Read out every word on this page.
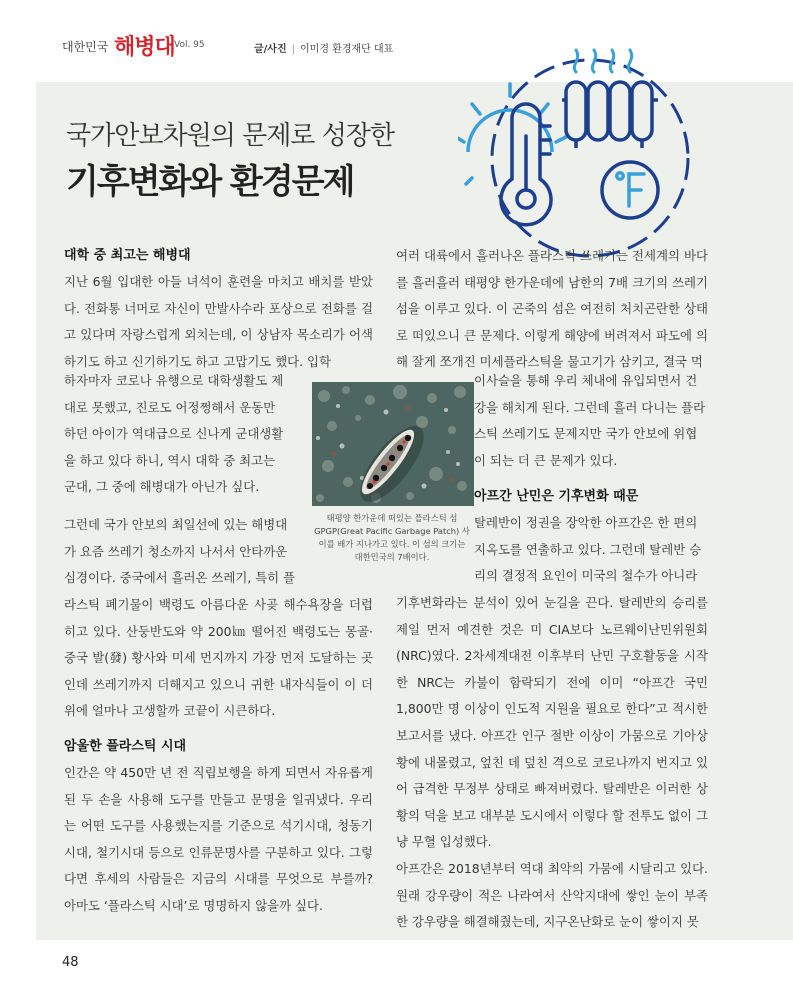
대한민국 해병대 Vol. 95	글/사진 | 이미경 환경재단 대표
국가안보차원의 문제로 성장한
기후변화와 환경문제
대학 중 최고는 해병대
지난 6월 입대한 아들 녀석이 훈련을 마치고 배치를 받았다. 전화통 너머로 자신이 만발사수라 포상으로 전화를 걸고 있다며 자랑스럽게 외치는데, 이 상남자 목소리가 어색하기도 하고 신기하기도 하고 고맙기도 했다. 입학
하자마자 코로나 유행으로 대학생활도 제
대로 못했고, 진로도 어정쩡해서 운동만
하던 아이가 역대급으로 신나게 군대생활
을 하고 있다 하니, 역시 대학 중 최고는
군대, 그 중에 해병대가 아닌가 싶다.
그런데 국가 안보의 최일선에 있는 해병대
가 요즘 쓰레기 청소까지 나서서 안타까운
심경이다. 중국에서 흘러온 쓰레기, 특히 플
라스틱 폐기물이 백령도 아름다운 사곶 해수욕장을 더럽히고 있다. 산둥반도와 약 200㎞ 떨어진 백령도는 몽골·중국 발(發) 황사와 미세 먼지까지 가장 먼저 도달하는 곳인데 쓰레기까지 더해지고 있으니 귀한 내자식들이 이 더위에 얼마나 고생할까 코끝이 시큰하다.
암울한 플라스틱 시대
인간은 약 450만 년 전 직립보행을 하게 되면서 자유롭게 된 두 손을 사용해 도구를 만들고 문명을 일궈냈다. 우리는 어떤 도구를 사용했는지를 기준으로 석기시대, 청동기시대, 철기시대 등으로 인류문명사를 구분하고 있다. 그렇다면 후세의 사람들은 지금의 시대를 무엇으로 부를까? 아마도 ‘플라스틱 시대’로 명명하지 않을까 싶다.
태평양 한가운데 떠있는 플라스틱 섬 GPGP(Great Pacific Garbage Patch) 사이를 배가 지나가고 있다. 이 섬의 크기는 대한민국의 7배이다.
여러 대륙에서 흘러나온 플라스틱 쓰레기는 전세계의 바다를 흘러흘러 태평양 한가운데에 남한의 7배 크기의 쓰레기 섬을 이루고 있다. 이 곤죽의 섬은 여전히 처치곤란한 상태로 떠있으니 큰 문제다. 이렇게 해양에 버려져서 파도에 의해 잘게 쪼개진 미세플라스틱을 물고기가 삼키고, 결국 먹
이사슬을 통해 우리 체내에 유입되면서 건
강을 해치게 된다. 그런데 흘러 다니는 플라
스틱 쓰레기도 문제지만 국가 안보에 위협
이 되는 더 큰 문제가 있다.
아프간 난민은 기후변화 때문
탈레반이 정권을 장악한 아프간은 한 편의
지옥도를 연출하고 있다. 그런데 탈레반 승
리의 결정적 요인이 미국의 철수가 아니라
기후변화라는 분석이 있어 눈길을 끈다. 탈레반의 승리를 제일 먼저 예견한 것은 미 CIA보다 노르웨이난민위원회(NRC)였다. 2차세계대전 이후부터 난민 구호활동을 시작한 NRC는 카불이 함락되기 전에 이미 “아프간 국민 1,800만 명 이상이 인도적 지원을 필요로 한다”고 적시한 보고서를 냈다. 아프간 인구 절반 이상이 가뭄으로 기아상황에 내몰렸고, 엎친 데 덮친 격으로 코로나까지 번지고 있어 급격한 무정부 상태로 빠져버렸다. 탈레반은 이러한 상황의 덕을 보고 대부분 도시에서 이렇다 할 전투도 없이 그냥 무혈 입성했다.
아프간은 2018년부터 역대 최악의 가뭄에 시달리고 있다. 원래 강우량이 적은 나라여서 산악지대에 쌓인 눈이 부족한 강우량을 해결해줬는데, 지구온난화로 눈이 쌓이지 못
48
